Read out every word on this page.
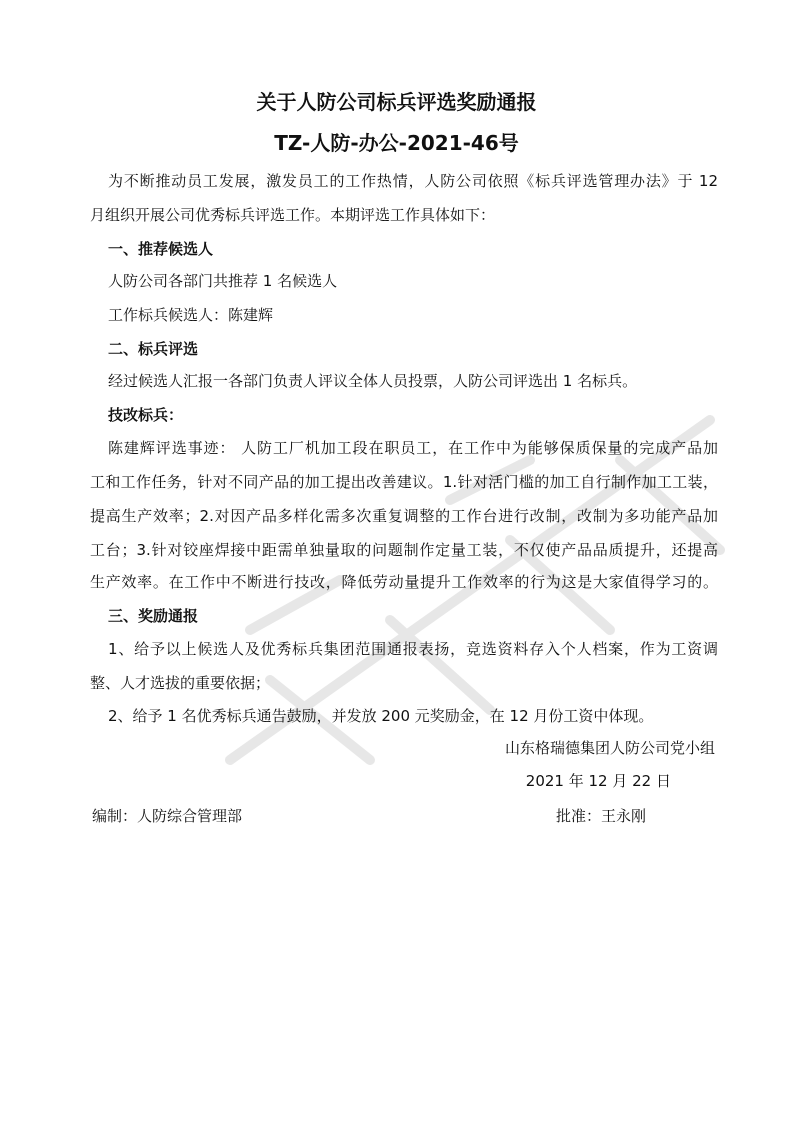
关于人防公司标兵评选奖励通报
TZ-人防-办公-2021-46号
为不断推动员工发展，激发员工的工作热情，人防公司依照《标兵评选管理办法》于 12
月组织开展公司优秀标兵评选工作。本期评选工作具体如下：
一、推荐候选人
人防公司各部门共推荐 1 名候选人
工作标兵候选人：陈建辉
二、标兵评选
经过候选人汇报一各部门负责人评议全体人员投票，人防公司评选出 1 名标兵。
技改标兵：
陈建辉评选事迹： 人防工厂机加工段在职员工，在工作中为能够保质保量的完成产品加
工和工作任务，针对不同产品的加工提出改善建议。1.针对活门槛的加工自行制作加工工装，
提高生产效率；2.对因产品多样化需多次重复调整的工作台进行改制，改制为多功能产品加
工台；3.针对铰座焊接中距需单独量取的问题制作定量工装，不仅使产品品质提升，还提高
生产效率。在工作中不断进行技改，降低劳动量提升工作效率的行为这是大家值得学习的。
三、奖励通报
1、给予以上候选人及优秀标兵集团范围通报表扬，竞选资料存入个人档案，作为工资调
整、人才选拔的重要依据；
2、给予 1 名优秀标兵通告鼓励，并发放 200 元奖励金，在 12 月份工资中体现。
山东格瑞德集团人防公司党小组
2021 年 12 月 22 日
编制：人防综合管理部	批准：王永刚
